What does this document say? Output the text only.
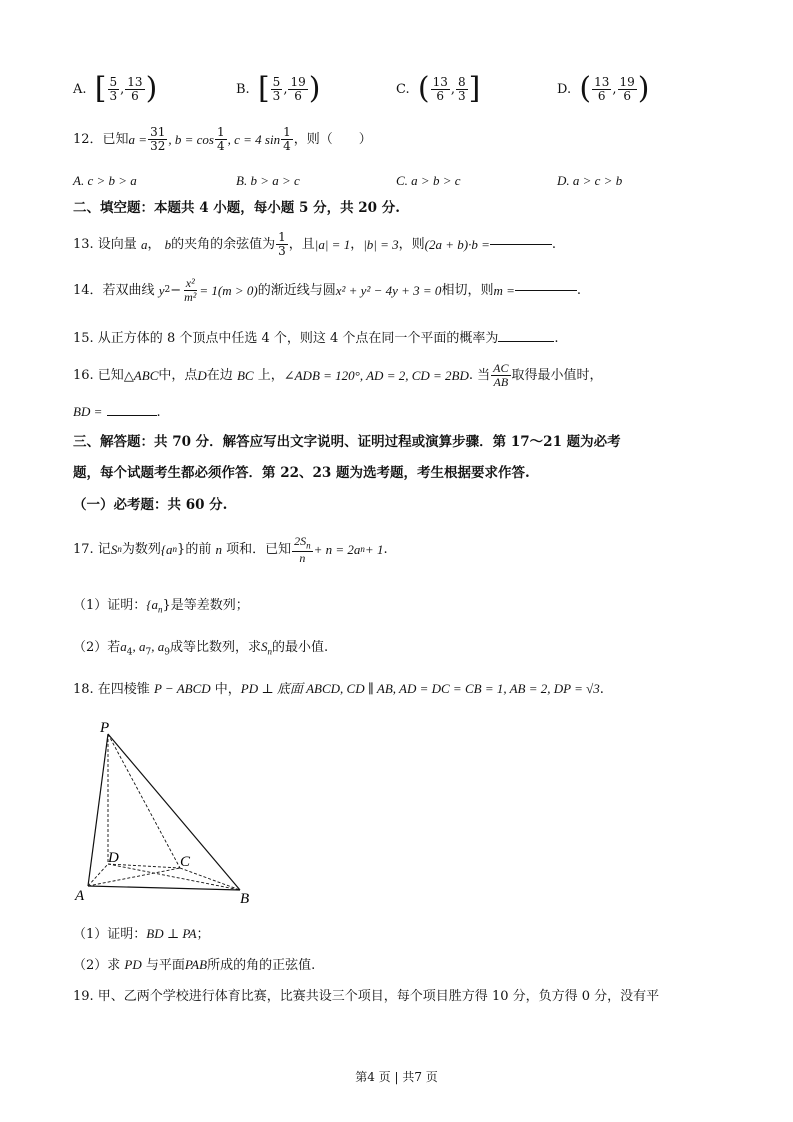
A.
[ $\frac{5}{3}$ , $\frac{13}{6}$ )	B.
[ $\frac{5}{3}$ , $\frac{19}{6}$ )	C.
( $\frac{13}{6}$ , $\frac{8}{3}$ ]	D.
( $\frac{13}{6}$ , $\frac{19}{6}$ )
12．已知 $a = \frac{31}{32}$ , $b = \cos \frac{1}{4}$ , c = 4 $\sin \frac{1}{4}$ ，则（　　）
A. c > b > a	B. b > a > c	C. a > b > c	D. a > c > b
二、填空题：本题共 4 小题，每小题 5 分，共 20 分.
13. 设向量
a ，
b 的夹角的余弦值为 $\frac{1}{3}$ ，且 |a| = 1 ， |b| = 3 ，则 (2a + b)·b =	.
14．若双曲线
y $2 - \frac{\text{x²}}{\text{m²}} = 1(m > 0)$ 的渐近线与圆 x² + y² − 4y + 3 = 0 相切，则 m =	.
15. 从正方体的 8 个顶点中任选 4 个，则这 4 个点在同一个平面的概率为	.
16. 已知 △ABC 中，点 D 在边
BC
上， ∠ADB = 120°, AD = 2, CD = 2BD . 当 $\frac{AC}{AB}$ 取得最小值时，
BD =	.
三、解答题：共 70 分．解答应写出文字说明、证明过程或演算步骤．第 17～21 题为必考
题，每个试题考生都必须作答．第 22、23 题为选考题，考生根据要求作答.
（一）必考题：共 60 分.
17. 记 S n 为数列 {a n } 的前
n
项和．已知 $\frac{2S_n}{n} + n = 2a$ n + 1 .
（1）证明：$\{a_n\}$是等差数列；
（2）若$a_4$, $a_7$, $a_9$成等比数列，求$S_n$的最小值.
18. 在四棱锥 P − ABCD 中，PD ⊥ 底面 ABCD, CD ∥ AB, AD = DC = CB = 1, AB = 2, DP = √3.
P
D	C
A	B
（1）证明：BD ⊥ PA；
（2）求 PD 与平面PAB所成的角的正弦值.
19. 甲、乙两个学校进行体育比赛，比赛共设三个项目，每个项目胜方得 10 分，负方得 0 分，没有平
第4 页 | 共7 页
